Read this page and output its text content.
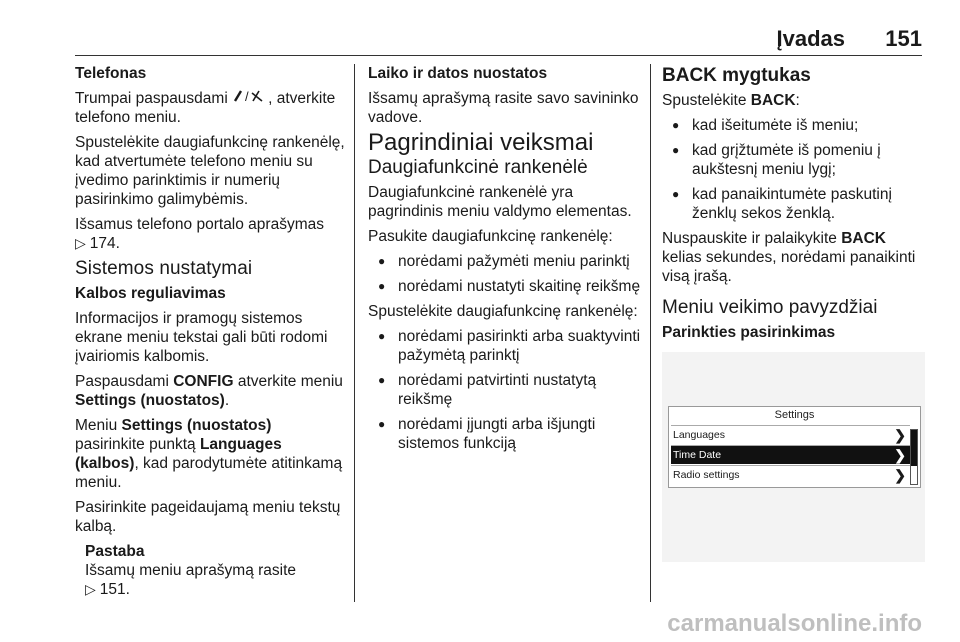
Įvadas 151

Telefonas

Trumpai paspausdami / , atverkite telefono meniu.

Spustelėkite daugiafunkcinę rankenėlę, kad atvertumėte telefono meniu su įvedimo parinktimis ir numerių pasirinkimo galimybėmis.

Išsamus telefono portalo aprašymas
▷ 174.

Sistemos nustatymai

Kalbos reguliavimas

Informacijos ir pramogų sistemos ekrane meniu tekstai gali būti rodomi įvairiomis kalbomis.

Paspausdami CONFIG atverkite meniu Settings (nuostatos).

Meniu Settings (nuostatos) pasirinkite punktą Languages (kalbos), kad parodytumėte atitinkamą meniu.

Pasirinkite pageidaujamą meniu tekstų kalbą.

Pastaba

Išsamų meniu aprašymą rasite

▷ 151.

Laiko ir datos nuostatos

Išsamų aprašymą rasite savo savininko vadove.

Pagrindiniai veiksmai

Daugiafunkcinė rankenėlė

Daugiafunkcinė rankenėlė yra pagrindinis meniu valdymo elementas.

Pasukite daugiafunkcinę rankenėlę:

● norėdami pažymėti meniu parinktį
● norėdami nustatyti skaitinę reikšmę

Spustelėkite daugiafunkcinę rankenėlę:

● norėdami pasirinkti arba suaktyvinti pažymėtą parinktį
● norėdami patvirtinti nustatytą reikšmę
● norėdami įjungti arba išjungti sistemos funkciją

BACK mygtukas

Spustelėkite BACK:

● kad išeitumėte iš meniu;
● kad grįžtumėte iš pomeniu į aukštesnį meniu lygį;
● kad panaikintumėte paskutinį ženklų sekos ženklą.

Nuspauskite ir palaikykite BACK kelias sekundes, norėdami panaikinti visą įrašą.

Meniu veikimo pavyzdžiai

Parinkties pasirinkimas

Settings
Languages	❯
Time Date	❯
Radio settings	❯
carmanualsonline.info
